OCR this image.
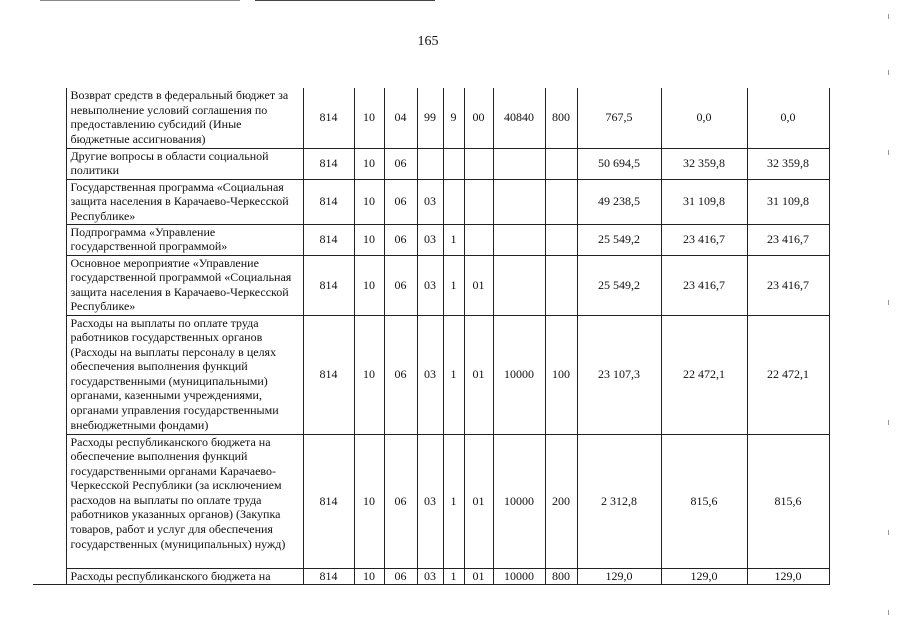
165
	Возврат средств в федеральный бюджет за невыполнение условий соглашения по предоставлению субсидий (Иные бюджетные ассигнования)	814	10	04	99	9	00	40840	800	767,5	0,0	0,0
	Другие вопросы в области социальной политики	814	10	06						50 694,5	32 359,8	32 359,8
	Государственная программа «Социальная защита населения в Карачаево-Черкесской Республике»	814	10	06	03					49 238,5	31 109,8	31 109,8
	Подпрограмма «Управление государственной программой»	814	10	06	03	1				25 549,2	23 416,7	23 416,7
	Основное мероприятие «Управление государственной программой «Социальная защита населения в Карачаево-Черкесской Республике»	814	10	06	03	1	01			25 549,2	23 416,7	23 416,7
	Расходы на выплаты по оплате труда работников государственных органов (Расходы на выплаты персоналу в целях обеспечения выполнения функций государственными (муниципальными) органами, казенными учреждениями, органами управления государственными внебюджетными фондами)	814	10	06	03	1	01	10000	100	23 107,3	22 472,1	22 472,1
	Расходы республиканского бюджета на обеспечение выполнения функций государственными органами Карачаево-Черкесской Республики (за исключением расходов на выплаты по оплате труда работников указанных органов) (Закупка товаров, работ и услуг для обеспечения государственных (муниципальных) нужд)	814	10	06	03	1	01	10000	200	2 312,8	815,6	815,6
	Расходы республиканского бюджета на	814	10	06	03	1	01	10000	800	129,0	129,0	129,0
